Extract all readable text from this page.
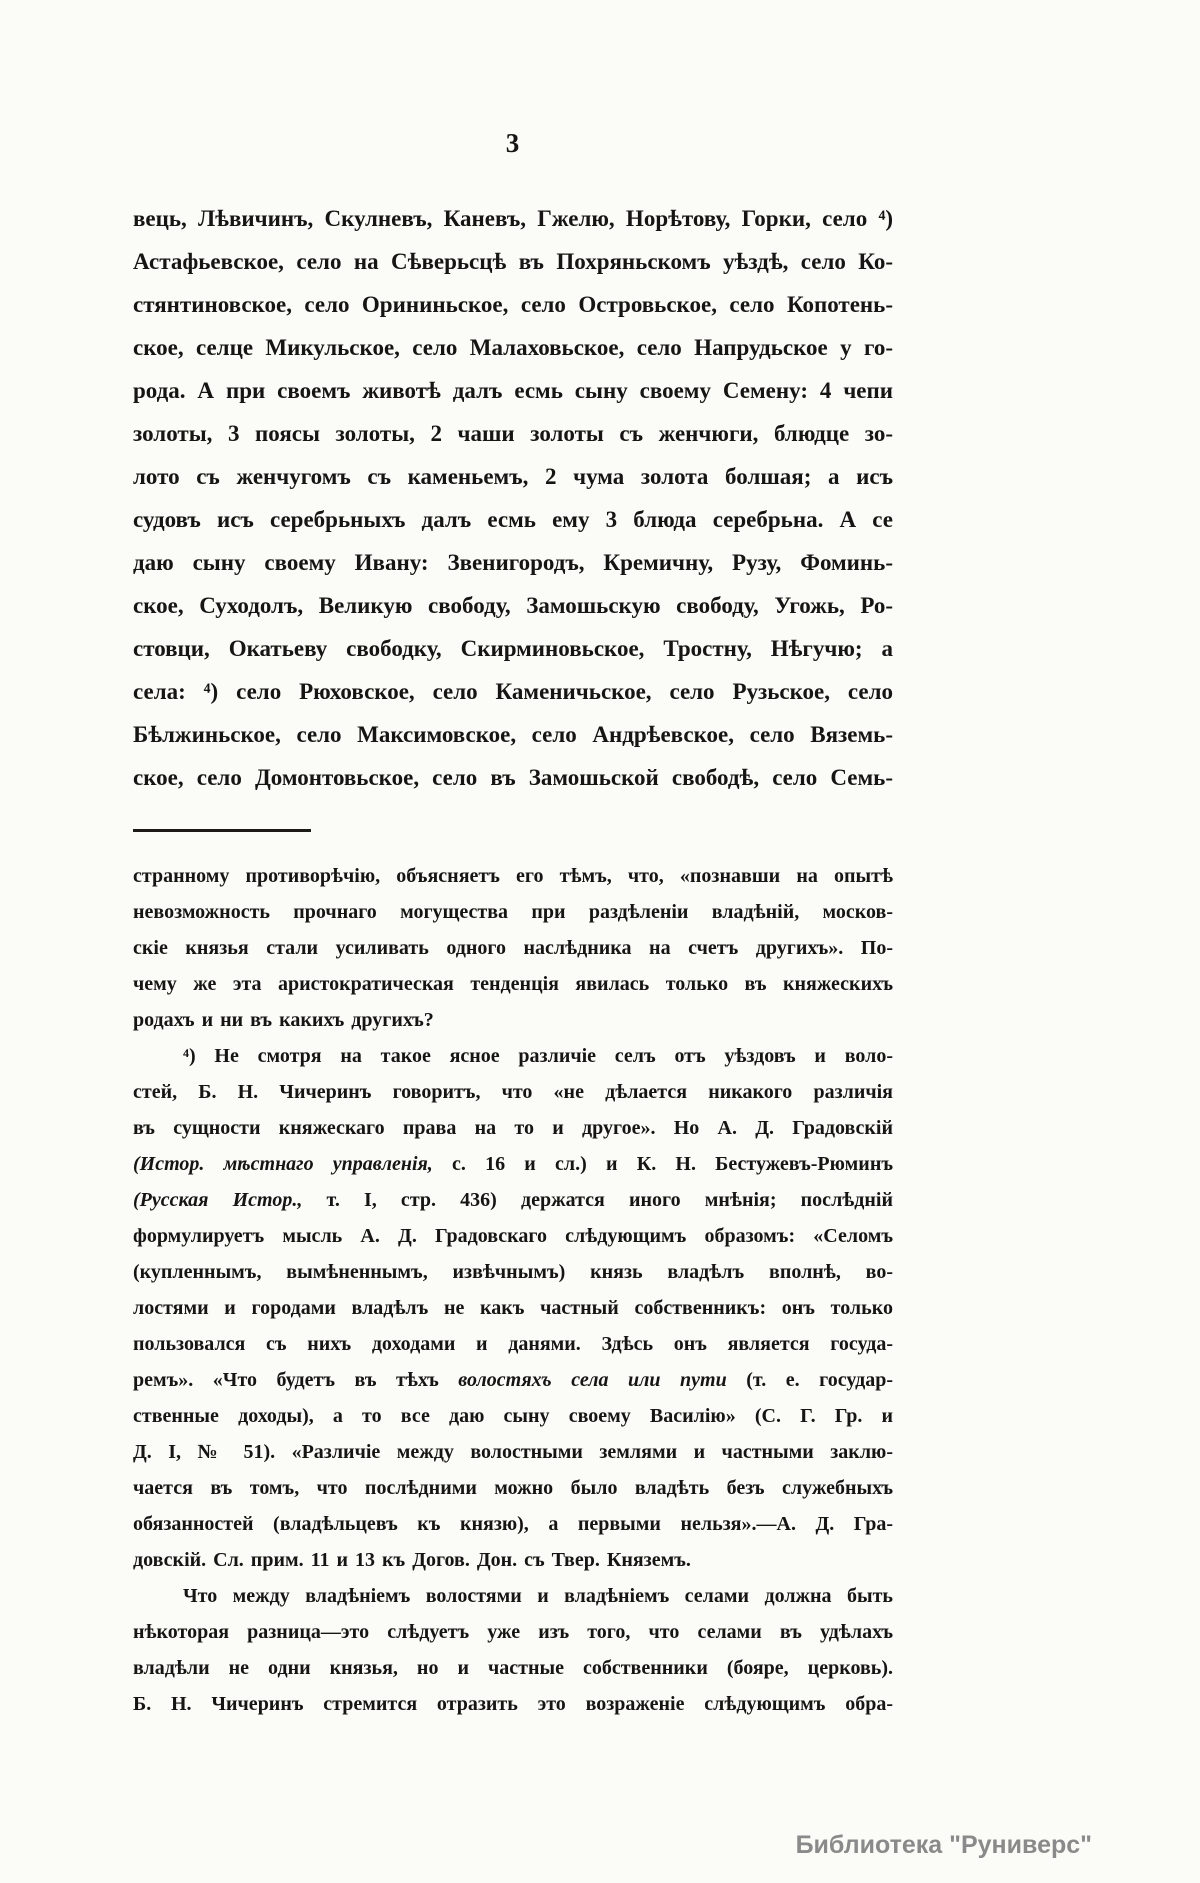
3
вець, Лѣвичинъ, Скулневъ, Каневъ, Гжелю, Норѣтову, Горки, село ⁴)
Астафьевское, село на Сѣверьсцѣ въ Похряньскомъ уѣздѣ, село Ко-
стянтиновское, село Орининьское, село Островьское, село Копотень-
ское, селце Микульское, село Малаховьское, село Напрудьское у го-
рода. А при своемъ животѣ далъ есмь сыну своему Семену: 4 чепи
золоты, 3 поясы золоты, 2 чаши золоты съ женчюги, блюдце зо-
лото съ женчугомъ съ каменьемъ, 2 чума золота болшая; а исъ
судовъ исъ серебрьныхъ далъ есмь ему 3 блюда серебрьна. А се
даю сыну своему Ивану: Звенигородъ, Кремичну, Рузу, Фоминь-
ское, Суходолъ, Великую свободу, Замошьскую свободу, Угожь, Ро-
стовци, Окатьеву свободку, Скирминовьское, Тростну, Нѣгучю; а
села: ⁴) село Рюховское, село Каменичьское, село Рузьское, село
Бѣлжиньское, село Максимовское, село Андрѣевское, село Вяземь-
ское, село Домонтовьское, село въ Замошьской свободѣ, село Семь-
странному противорѣчію, объясняетъ его тѣмъ, что, «познавши на опытѣ
невозможность прочнаго могущества при раздѣленіи владѣній, москов-
скіе князья стали усиливать одного наслѣдника на счетъ другихъ». По-
чему же эта аристократическая тенденція явилась только въ княжескихъ
родахъ и ни въ какихъ другихъ?
⁴) Не смотря на такое ясное различіе селъ отъ уѣздовъ и воло-
стей, Б. Н. Чичеринъ говоритъ, что «не дѣлается никакого различія
въ сущности княжескаго права на то и другое». Но А. Д. Градовскій
(Истор. мѣстнаго управленія, с. 16 и сл.) и К. Н. Бестужевъ-Рюминъ
(Русская Истор., т. I, стр. 436) держатся иного мнѣнія; послѣдній
формулируетъ мысль А. Д. Градовскаго слѣдующимъ образомъ: «Селомъ
(купленнымъ, вымѣненнымъ, извѣчнымъ) князь владѣлъ вполнѣ, во-
лостями и городами владѣлъ не какъ частный собственникъ: онъ только
пользовался съ нихъ доходами и данями. Здѣсь онъ является госуда-
ремъ». «Что будетъ въ тѣхъ волостяхъ села или пути (т. е. государ-
ственные доходы), а то все даю сыну своему Василію» (С. Г. Гр. и
Д. I, № 51). «Различіе между волостными землями и частными заклю-
чается въ томъ, что послѣдними можно было владѣть безъ служебныхъ
обязанностей (владѣльцевъ къ князю), а первыми нельзя».—А. Д. Гра-
довскій. Сл. прим. 11 и 13 къ Догов. Дон. съ Твер. Княземъ.
Что между владѣніемъ волостями и владѣніемъ селами должна быть
нѣкоторая разница—это слѣдуетъ уже изъ того, что селами въ удѣлахъ
владѣли не одни князья, но и частные собственники (бояре, церковь).
Б. Н. Чичеринъ стремится отразить это возраженіе слѣдующимъ обра-
Библиотека "Руниверс"
